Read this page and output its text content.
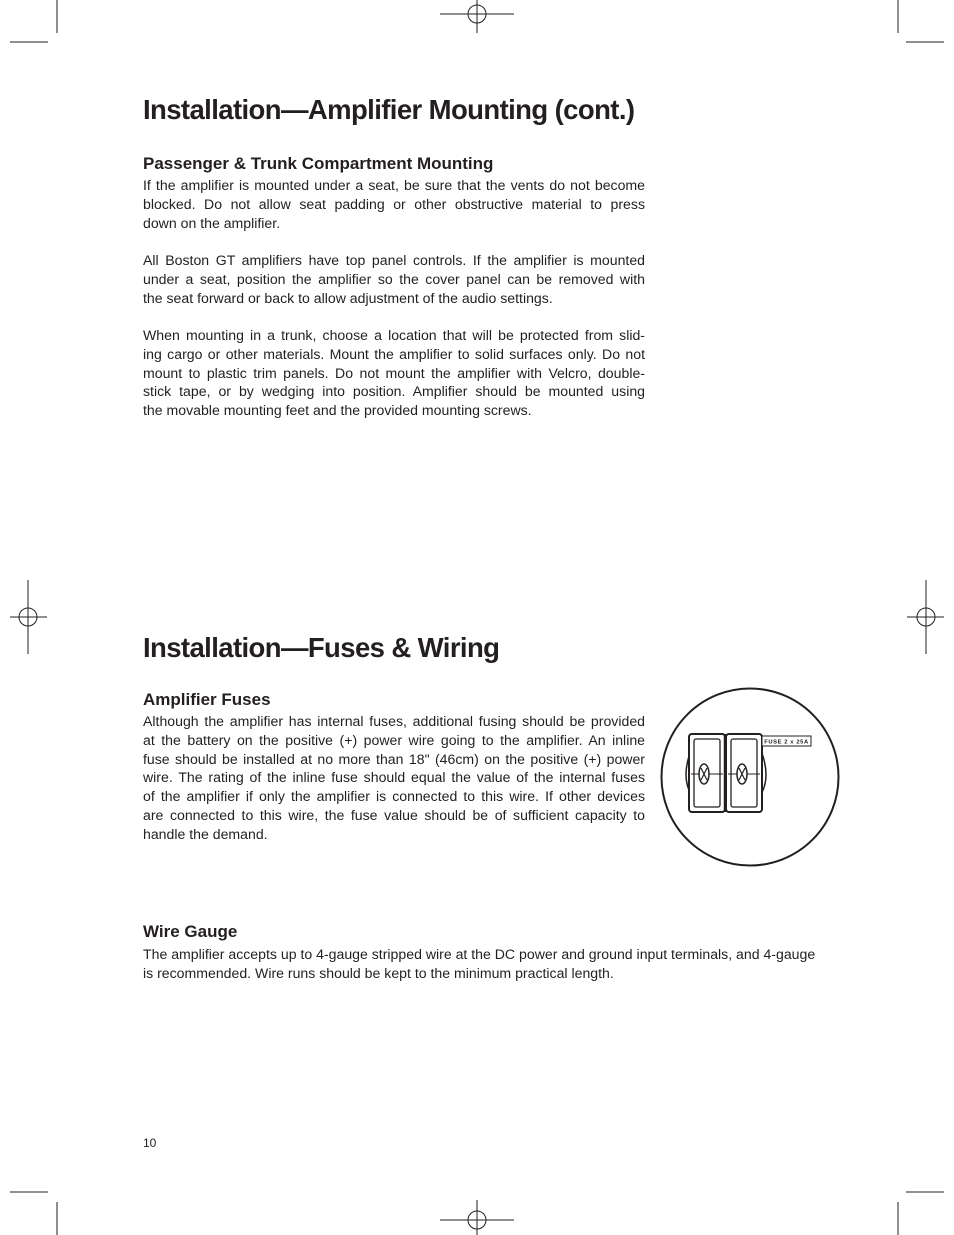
Installation—Amplifier Mounting (cont.)
Passenger & Trunk Compartment Mounting
If the amplifier is mounted under a seat, be sure that the vents do not become
blocked. Do not allow seat padding or other obstructive material to press
down on the amplifier.
All Boston GT amplifiers have top panel controls. If the amplifier is mounted
under a seat, position the amplifier so the cover panel can be removed with
the seat forward or back to allow adjustment of the audio settings.
When mounting in a trunk, choose a location that will be protected from slid-
ing cargo or other materials. Mount the amplifier to solid surfaces only. Do not
mount to plastic trim panels. Do not mount the amplifier with Velcro, double-
stick tape, or by wedging into position. Amplifier should be mounted using
the movable mounting feet and the provided mounting screws.
Installation—Fuses & Wiring
Amplifier Fuses
Although the amplifier has internal fuses, additional fusing should be provided
at the battery on the positive (+) power wire going to the amplifier. An inline
fuse should be installed at no more than 18" (46cm) on the positive (+) power
wire. The rating of the inline fuse should equal the value of the internal fuses
of the amplifier if only the amplifier is connected to this wire. If other devices
are connected to this wire, the fuse value should be of sufficient capacity to
handle the demand.
FUSE 2 x 25A
Wire Gauge
The amplifier accepts up to 4-gauge stripped wire at the DC power and ground input terminals, and 4-gauge
is recommended. Wire runs should be kept to the minimum practical length.
10
